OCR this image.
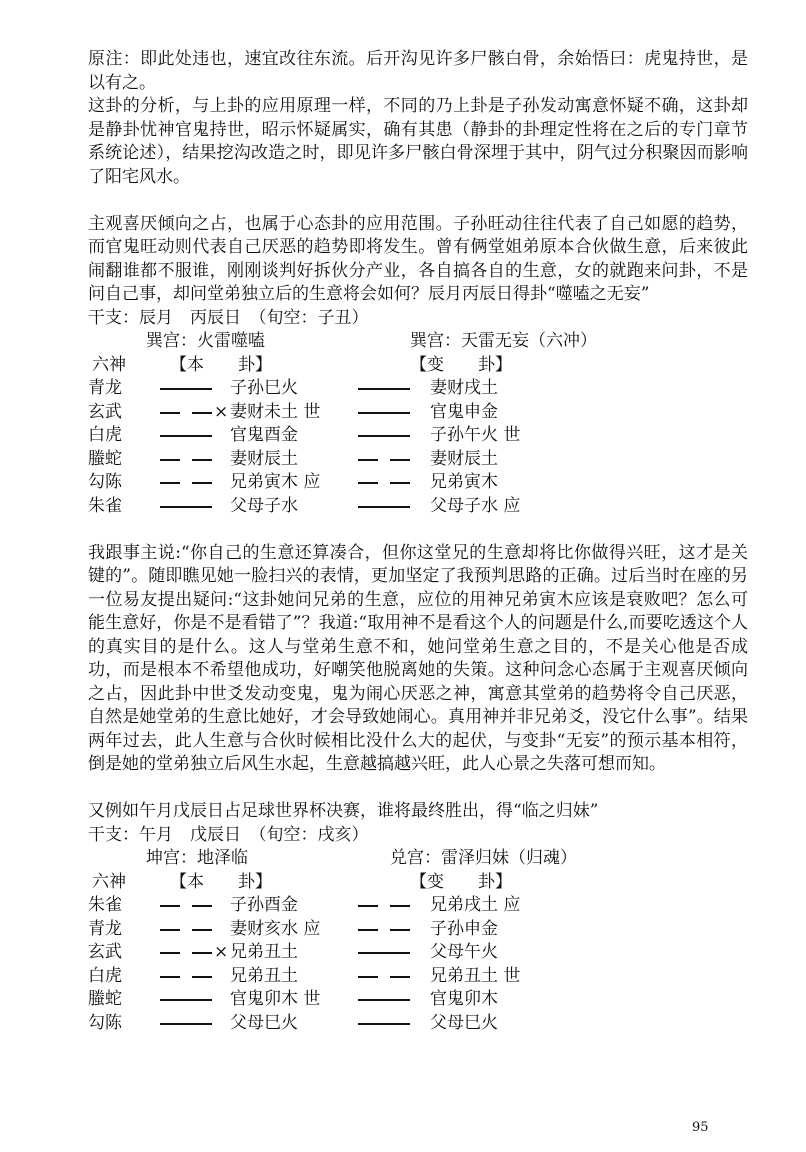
原注：即此处违也，速宜改往东流。后开沟见许多尸骸白骨，余始悟曰：虎鬼持世，是以有之。

这卦的分析，与上卦的应用原理一样，不同的乃上卦是子孙发动寓意怀疑不确，这卦却是静卦忧神官鬼持世，昭示怀疑属实，确有其患（静卦的卦理定性将在之后的专门章节系统论述），结果挖沟改造之时，即见许多尸骸白骨深埋于其中，阴气过分积聚因而影响了阳宅风水。

主观喜厌倾向之占，也属于心态卦的应用范围。子孙旺动往往代表了自己如愿的趋势，而官鬼旺动则代表自己厌恶的趋势即将发生。曾有俩堂姐弟原本合伙做生意，后来彼此闹翻谁都不服谁，刚刚谈判好拆伙分产业，各自搞各自的生意，女的就跑来问卦，不是问自己事，却问堂弟独立后的生意将会如何？辰月丙辰日得卦“噬嗑之无妄”

干支：辰月　丙辰日　（旬空：子丑）
巽宫：火雷噬嗑	巽宫：天雷无妄（六冲）
六神	【本　　卦】	【变　　卦】
青龙	子孙巳火	妻财戌土
玄武	× 妻财未土 世	官鬼申金
白虎	官鬼酉金	子孙午火 世
螣蛇	妻财辰土	妻财辰土
勾陈	兄弟寅木 应	兄弟寅木
朱雀	父母子水	父母子水 应

我跟事主说:“你自己的生意还算凑合，但你这堂兄的生意却将比你做得兴旺，这才是关键的”。随即瞧见她一脸扫兴的表情，更加坚定了我预判思路的正确。过后当时在座的另一位易友提出疑问:“这卦她问兄弟的生意，应位的用神兄弟寅木应该是衰败吧？怎么可能生意好，你是不是看错了”？我道:“取用神不是看这个人的问题是什么,而要吃透这个人的真实目的是什么。这人与堂弟生意不和，她问堂弟生意之目的，不是关心他是否成功，而是根本不希望他成功，好嘲笑他脱离她的失策。这种问念心态属于主观喜厌倾向之占，因此卦中世爻发动变鬼，鬼为闹心厌恶之神，寓意其堂弟的趋势将令自己厌恶，自然是她堂弟的生意比她好，才会导致她闹心。真用神并非兄弟爻，没它什么事”。结果两年过去，此人生意与合伙时候相比没什么大的起伏，与变卦“无妄”的预示基本相符，倒是她的堂弟独立后风生水起，生意越搞越兴旺，此人心景之失落可想而知。

又例如午月戊辰日占足球世界杯决赛，谁将最终胜出，得“临之归妹”

干支：午月　戊辰日　（旬空：戌亥）
坤宫：地泽临	兑宫：雷泽归妹（归魂）
六神	【本　　卦】	【变　　卦】
朱雀	子孙酉金	兄弟戌土 应
青龙	妻财亥水 应	子孙申金
玄武	× 兄弟丑土	父母午火
白虎	兄弟丑土	兄弟丑土 世
螣蛇	官鬼卯木 世	官鬼卯木
勾陈	父母巳火	父母巳火
95
